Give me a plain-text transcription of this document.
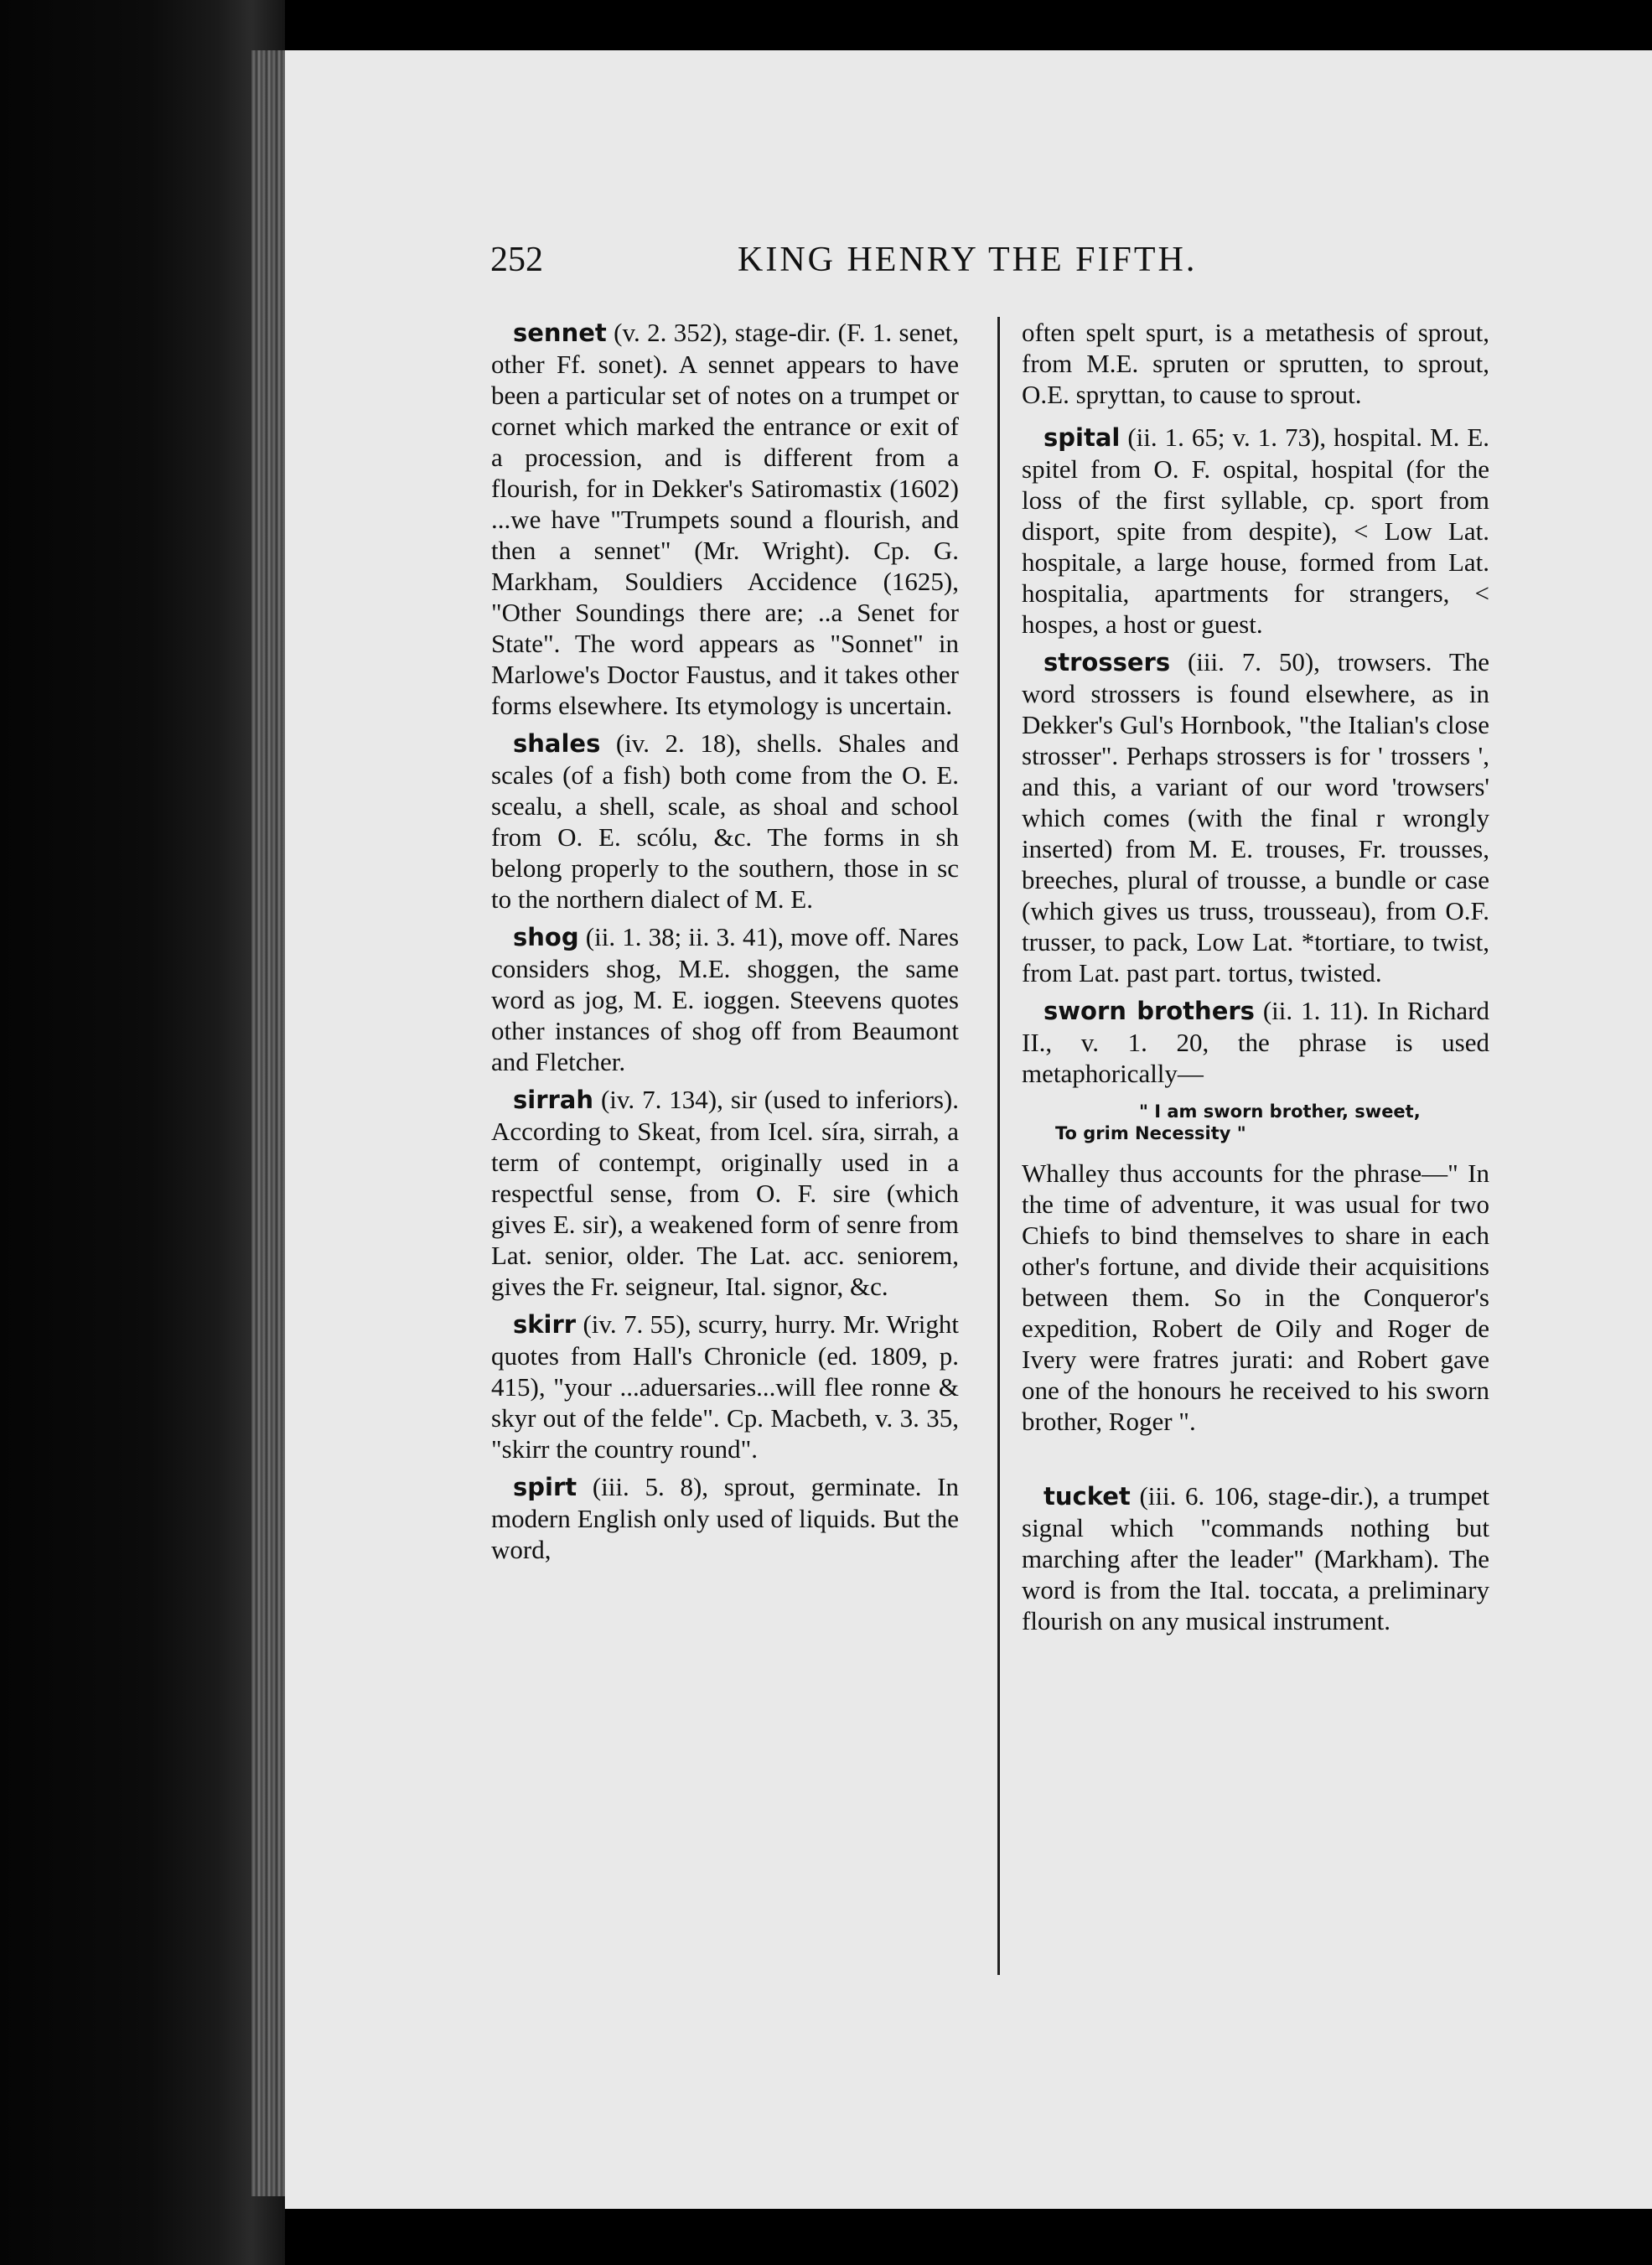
252	KING HENRY THE FIFTH.

sennet (v. 2. 352), stage-dir. (F. 1. senet, other Ff. sonet). A sennet appears to have been a particular set of notes on a trumpet or cornet which marked the entrance or exit of a procession, and is different from a flourish, for in Dekker's Satiromastix (1602) ...we have "Trumpets sound a flourish, and then a sennet" (Mr. Wright). Cp. G. Markham, Souldiers Accidence (1625), "Other Soundings there are; ..a Senet for State". The word appears as "Sonnet" in Marlowe's Doctor Faustus, and it takes other forms elsewhere. Its etymology is uncertain.

shales (iv. 2. 18), shells. Shales and scales (of a fish) both come from the O. E. scealu, a shell, scale, as shoal and school from O. E. scólu, &c. The forms in sh belong properly to the southern, those in sc to the northern dialect of M. E.

shog (ii. 1. 38; ii. 3. 41), move off. Nares considers shog, M.E. shoggen, the same word as jog, M. E. ioggen. Steevens quotes other instances of shog off from Beaumont and Fletcher.

sirrah (iv. 7. 134), sir (used to inferiors). According to Skeat, from Icel. síra, sirrah, a term of contempt, originally used in a respectful sense, from O. F. sire (which gives E. sir), a weakened form of senre from Lat. senior, older. The Lat. acc. seniorem, gives the Fr. seigneur, Ital. signor, &c.

skirr (iv. 7. 55), scurry, hurry. Mr. Wright quotes from Hall's Chronicle (ed. 1809, p. 415), "your ...aduersaries...will flee ronne & skyr out of the felde". Cp. Macbeth, v. 3. 35, "skirr the country round".

spirt (iii. 5. 8), sprout, germinate. In modern English only used of liquids. But the word,

often spelt spurt, is a metathesis of sprout, from M.E. spruten or sprutten, to sprout, O.E. spryttan, to cause to sprout.

spital (ii. 1. 65; v. 1. 73), hospital. M. E. spitel from O. F. ospital, hospital (for the loss of the first syllable, cp. sport from disport, spite from despite), < Low Lat. hospitale, a large house, formed from Lat. hospitalia, apartments for strangers, < hospes, a host or guest.

strossers (iii. 7. 50), trowsers. The word strossers is found elsewhere, as in Dekker's Gul's Hornbook, "the Italian's close strosser". Perhaps strossers is for ' trossers ', and this, a variant of our word 'trowsers' which comes (with the final r wrongly inserted) from M. E. trouses, Fr. trousses, breeches, plural of trousse, a bundle or case (which gives us truss, trousseau), from O.F. trusser, to pack, Low Lat. *tortiare, to twist, from Lat. past part. tortus, twisted.

sworn brothers (ii. 1. 11). In Richard II., v. 1. 20, the phrase is used metaphorically—

" I am sworn brother, sweet,
To grim Necessity "

Whalley thus accounts for the phrase—" In the time of adventure, it was usual for two Chiefs to bind themselves to share in each other's fortune, and divide their acquisitions between them. So in the Conqueror's expedition, Robert de Oily and Roger de Ivery were fratres jurati: and Robert gave one of the honours he received to his sworn brother, Roger ".

tucket (iii. 6. 106, stage-dir.), a trumpet signal which "commands nothing but marching after the leader" (Markham). The word is from the Ital. toccata, a preliminary flourish on any musical instrument.
